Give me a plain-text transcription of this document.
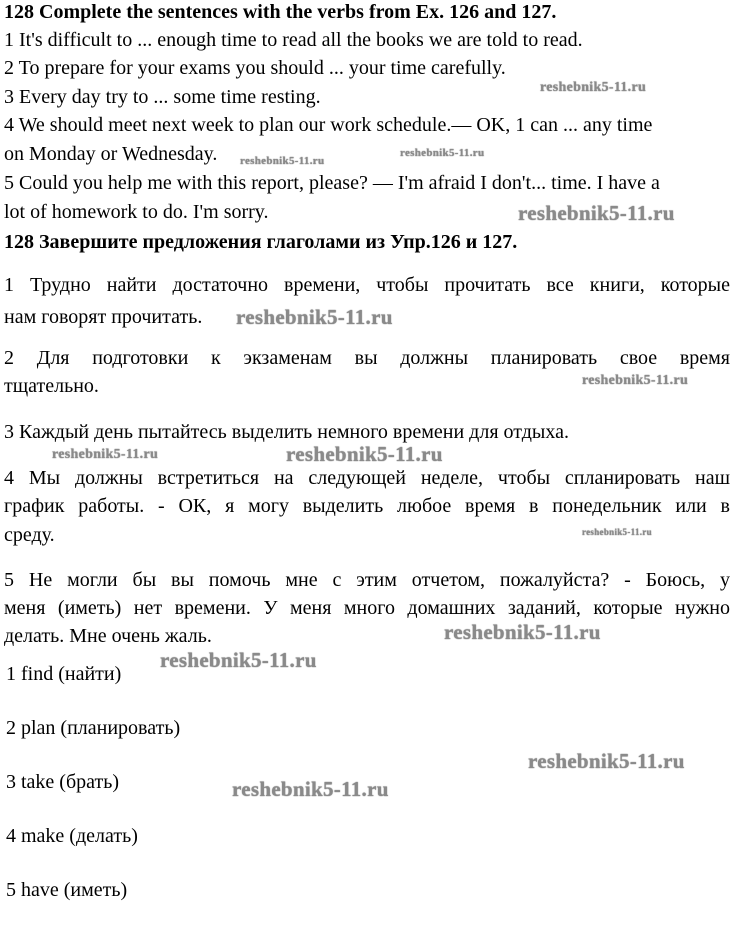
128 Complete the sentences with the verbs from Ex. 126 and 127.
1 It's difficult to ... enough time to read all the books we are told to read.
2 To prepare for your exams you should ... your time carefully.
3 Every day try to ... some time resting.
4 We should meet next week to plan our work schedule.— OK, 1 can ... any time
on Monday or Wednesday.
5 Could you help me with this report, please? — I'm afraid I don't... time. I have a
lot of homework to do. I'm sorry.
128 Завершите предложения глаголами из Упр.126 и 127.
1 Трудно найти достаточно времени, чтобы прочитать все книги, которые
нам говорят прочитать.
2 Для подготовки к экзаменам вы должны планировать свое время
тщательно.
3 Каждый день пытайтесь выделить немного времени для отдыха.
4 Мы должны встретиться на следующей неделе, чтобы спланировать наш
график работы. - ОК, я могу выделить любое время в понедельник или в
среду.
5 Не могли бы вы помочь мне с этим отчетом, пожалуйста? - Боюсь, у
меня (иметь) нет времени. У меня много домашних заданий, которые нужно
делать. Мне очень жаль.
1 find (найти)
2 plan (планировать)
3 take (брать)
4 make (делать)
5 have (иметь)
reshebnik5-11.ru
reshebnik5-11.ru
reshebnik5-11.ru
reshebnik5-11.ru
reshebnik5-11.ru
reshebnik5-11.ru
reshebnik5-11.ru
reshebnik5-11.ru
reshebnik5-11.ru
reshebnik5-11.ru
reshebnik5-11.ru
reshebnik5-11.ru
reshebnik5-11.ru
